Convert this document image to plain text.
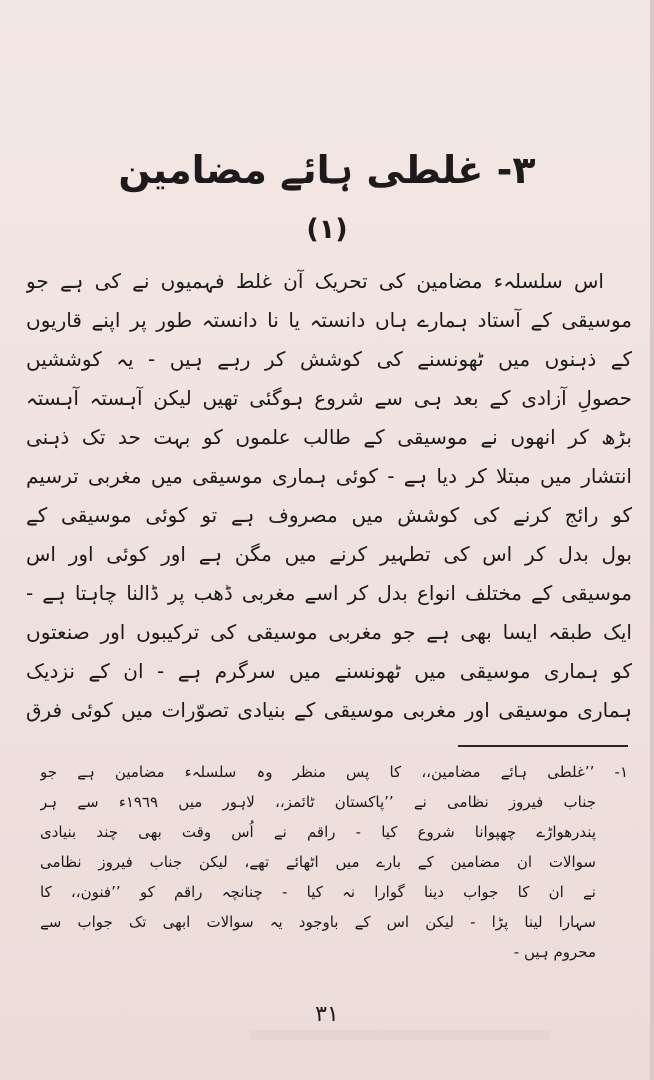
٣- غلطی ہائے مضامین
(١)
اس سلسلہء مضامین کی تحریک آن غلط فہمیوں نے کی ہے جو
موسیقی کے آستاد ہمارے ہاں دانستہ یا نا دانستہ طور پر اپنے قاریوں
کے ذہنوں میں ٹھونسنے کی کوشش کر رہے ہیں - یہ کوششیں
حصولِ آزادی کے بعد ہی سے شروع ہوگئی تھیں لیکن آہستہ آہستہ
بڑھ کر انھوں نے موسیقی کے طالب علموں کو بہت حد تک ذہنی
انتشار میں مبتلا کر دیا ہے - کوئی ہماری موسیقی میں مغربی ترسیم
کو رائج کرنے کی کوشش میں مصروف ہے تو کوئی موسیقی کے
بول بدل کر اس کی تطہیر کرنے میں مگن ہے اور کوئی اور اس
موسیقی کے مختلف انواع بدل کر اسے مغربی ڈھب پر ڈالنا چاہتا ہے -
ایک طبقہ ایسا بھی ہے جو مغربی موسیقی کی ترکیبوں اور صنعتوں
کو ہماری موسیقی میں ٹھونسنے میں سرگرم ہے - ان کے نزدیک
ہماری موسیقی اور مغربی موسیقی کے بنیادی تصوّرات میں کوئی فرق
١- ’’غلطی ہائے مضامین،، کا پس منظر وہ سلسلہء مضامین ہے جو
جناب فیروز نظامی نے ’’پاکستان ٹائمز،، لاہور میں ١٩٦٩ء سے ہر
پندرھواڑے چھپوانا شروع کیا - راقم نے اُس وقت بھی چند بنیادی
سوالات ان مضامین کے بارے میں اٹھائے تھے، لیکن جناب فیروز نظامی
نے ان کا جواب دینا گوارا نہ کیا - چنانچہ راقم کو ’’فنون،، کا
سہارا لینا پڑا - لیکن اس کے باوجود یہ سوالات ابھی تک جواب سے
محروم ہیں -
٣١
